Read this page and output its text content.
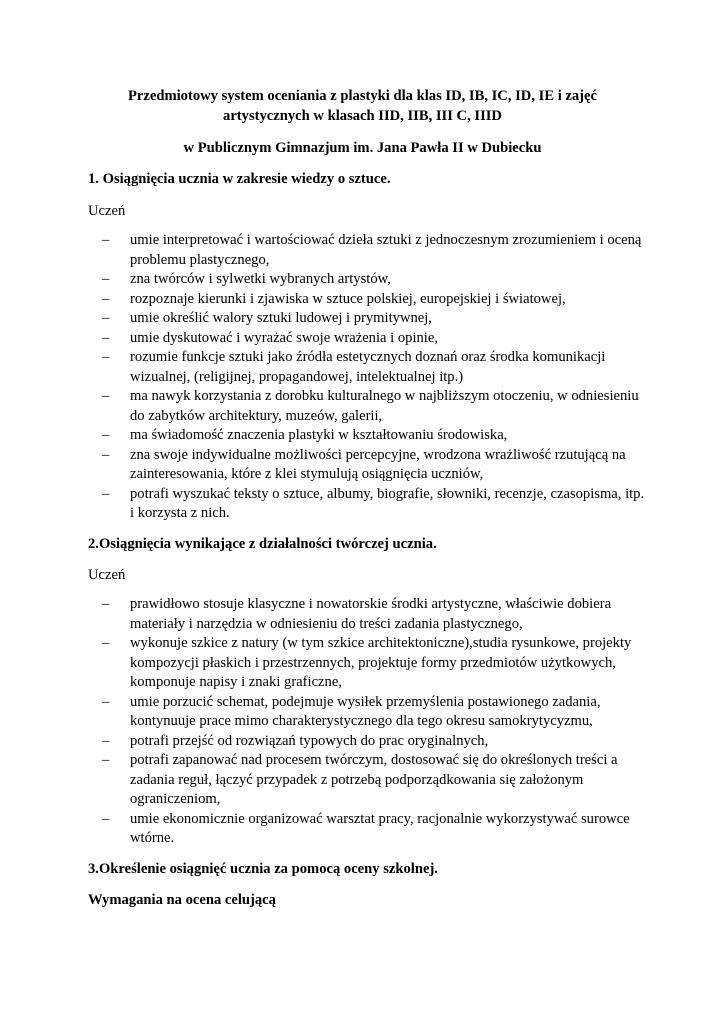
Przedmiotowy system oceniania z plastyki dla klas ID, IB, IC, ID, IE i zajęć artystycznych w klasach IID, IIB, III C, IIID
w Publicznym Gimnazjum im. Jana Pawła II w Dubiecku
1. Osiągnięcia ucznia w zakresie wiedzy o sztuce.
Uczeń
– umie interpretować i wartościować dzieła sztuki z jednoczesnym zrozumieniem i oceną problemu plastycznego,
– zna twórców i sylwetki wybranych artystów,
– rozpoznaje kierunki i zjawiska w sztuce polskiej, europejskiej i światowej,
– umie określić walory sztuki ludowej i prymitywnej,
– umie dyskutować i wyrażać swoje wrażenia i opinie,
– rozumie funkcje sztuki jako źródła estetycznych doznań oraz środka komunikacji wizualnej, (religijnej, propagandowej, intelektualnej itp.)
– ma nawyk korzystania z dorobku kulturalnego w najbliższym otoczeniu, w odniesieniu do zabytków architektury, muzeów, galerii,
– ma świadomość znaczenia plastyki w kształtowaniu środowiska,
– zna swoje indywidualne możliwości percepcyjne, wrodzona wrażliwość rzutującą na zainteresowania, które z klei stymulują osiągnięcia uczniów,
– potrafi wyszukać teksty o sztuce, albumy, biografie, słowniki, recenzje, czasopisma, itp. i korzysta z nich.
2.Osiągnięcia wynikające z działalności twórczej ucznia.
Uczeń
– prawidłowo stosuje klasyczne i nowatorskie środki artystyczne, właściwie dobiera materiały i narzędzia w odniesieniu do treści zadania plastycznego,
– wykonuje szkice z natury (w tym szkice architektoniczne),studia rysunkowe, projekty kompozycji płaskich i przestrzennych, projektuje formy przedmiotów użytkowych, komponuje napisy i znaki graficzne,
– umie porzucić schemat, podejmuje wysiłek przemyślenia postawionego zadania, kontynuuje prace mimo charakterystycznego dla tego okresu samokrytycyzmu,
– potrafi przejść od rozwiązań typowych do prac oryginalnych,
– potrafi zapanować nad procesem twórczym, dostosować się do określonych treści a zadania reguł, łączyć przypadek z potrzebą podporządkowania się założonym ograniczeniom,
– umie ekonomicznie organizować warsztat pracy, racjonalnie wykorzystywać surowce wtórne.
3.Określenie osiągnięć ucznia za pomocą oceny szkolnej.
Wymagania na ocena celującą
